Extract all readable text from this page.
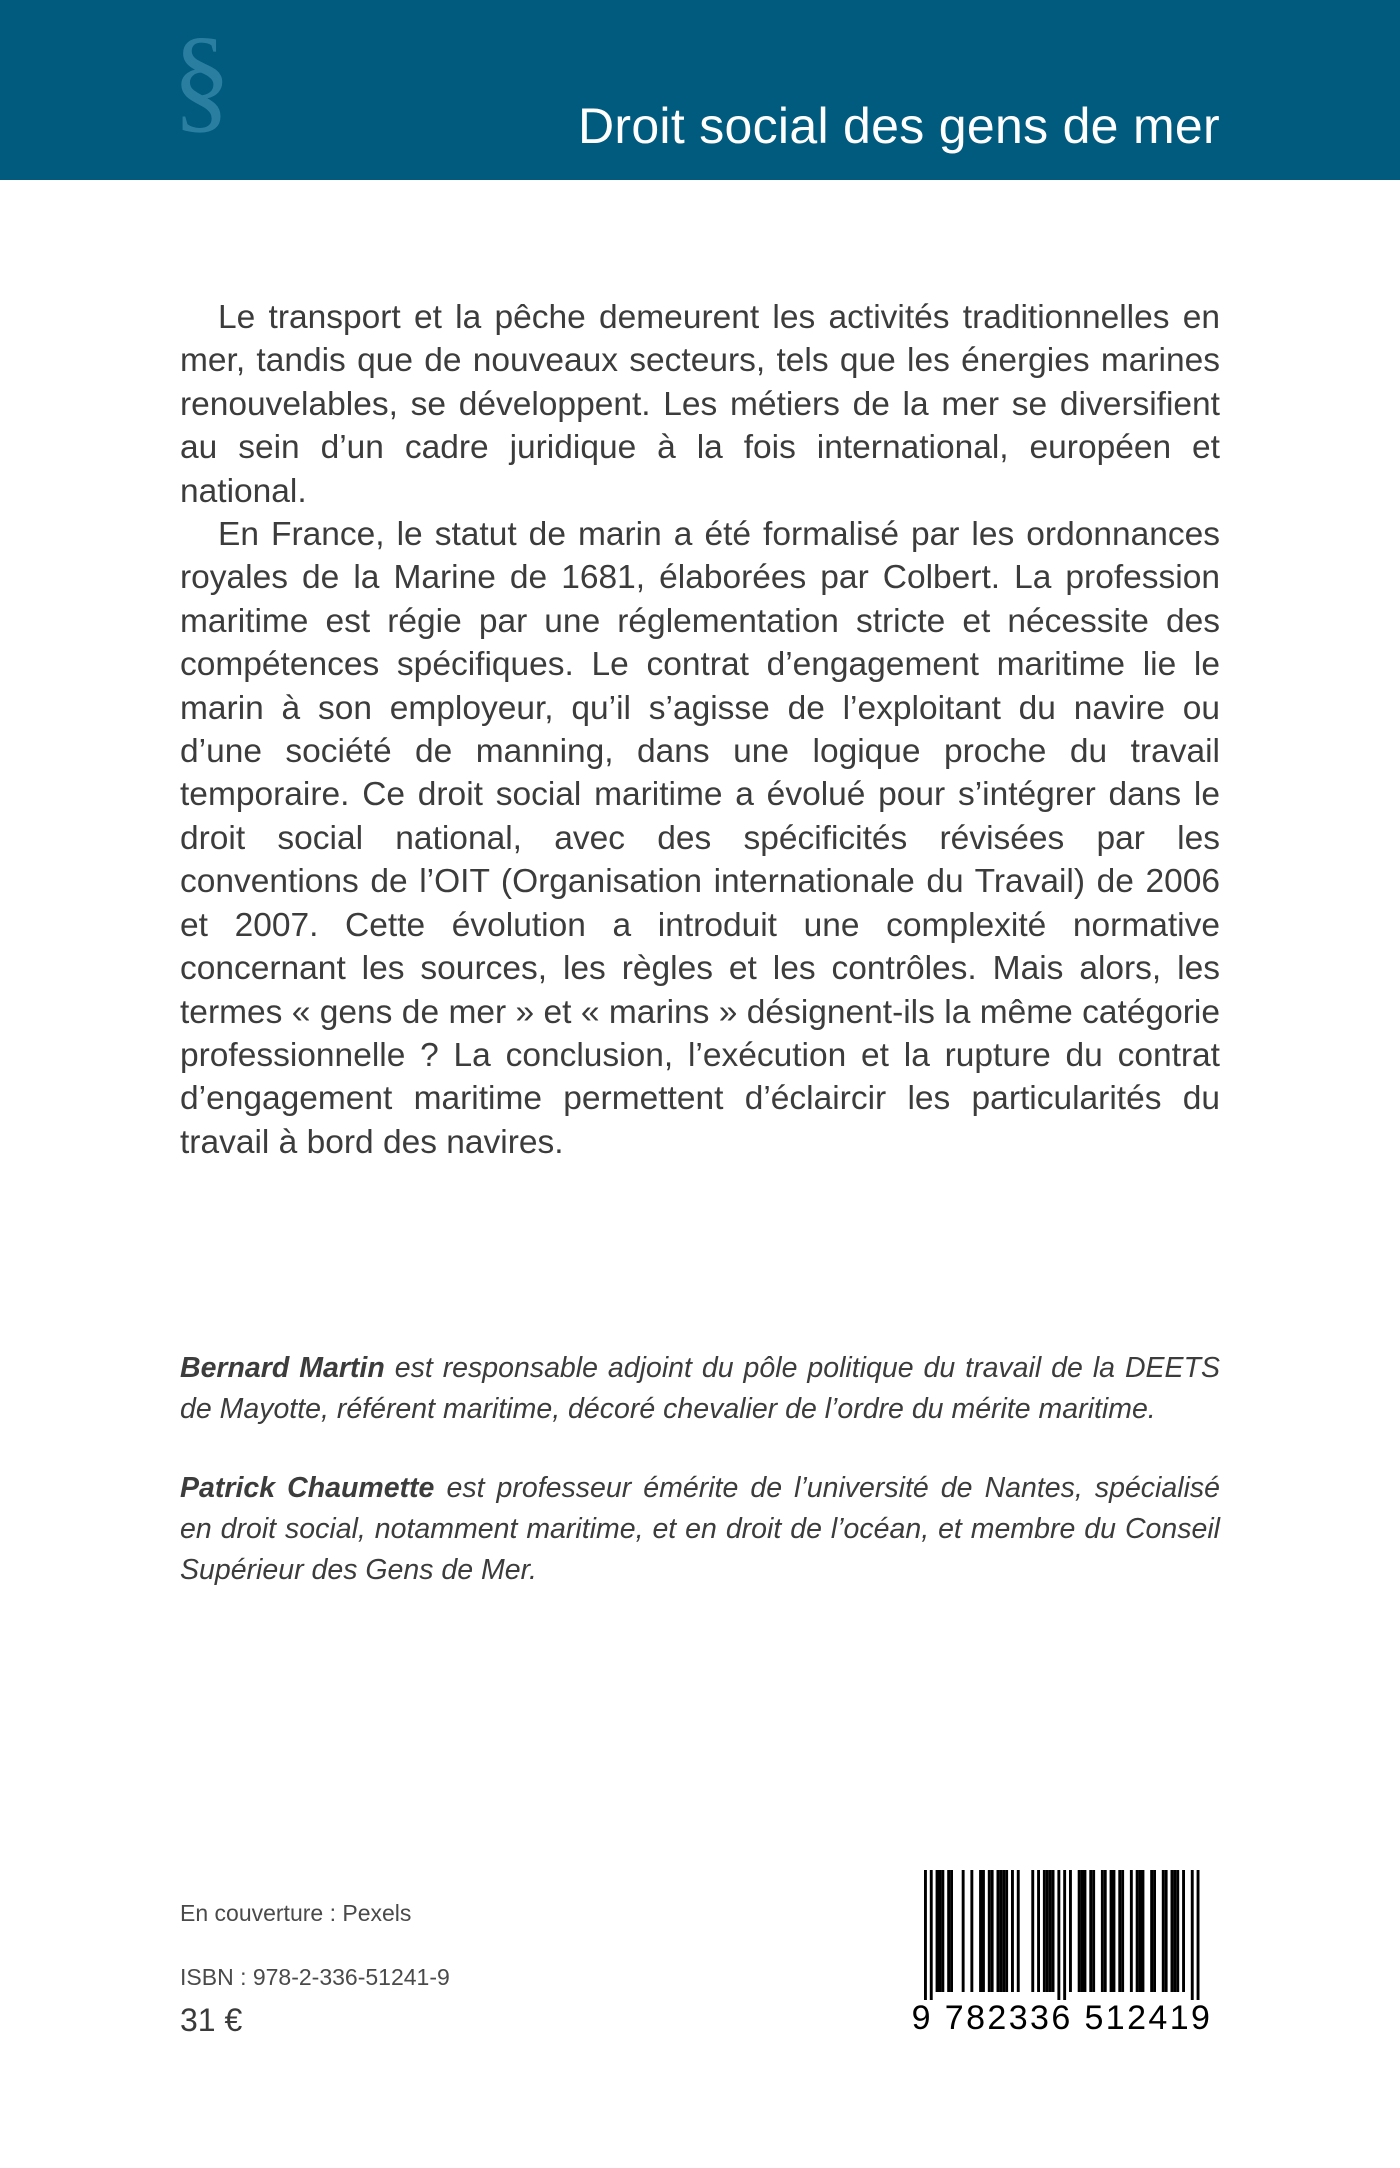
§	Droit social des gens de mer

Le transport et la pêche demeurent les activités traditionnelles en mer, tandis que de nouveaux secteurs, tels que les énergies marines renouvelables, se développent. Les métiers de la mer se diversifient au sein d’un cadre juridique à la fois international, européen et national.

En France, le statut de marin a été formalisé par les ordonnances royales de la Marine de 1681, élaborées par Colbert. La profession maritime est régie par une réglementation stricte et nécessite des compétences spécifiques. Le contrat d’engagement maritime lie le marin à son employeur, qu’il s’agisse de l’exploitant du navire ou d’une société de manning, dans une logique proche du travail temporaire. Ce droit social maritime a évolué pour s’intégrer dans le droit social national, avec des spécificités révisées par les conventions de l’OIT (Organisation internationale du Travail) de 2006 et 2007. Cette évolution a introduit une complexité normative concernant les sources, les règles et les contrôles. Mais alors, les termes « gens de mer » et « marins » désignent-ils la même catégorie professionnelle ? La conclusion, l’exécution et la rupture du contrat d’engagement maritime permettent d’éclaircir les particularités du travail à bord des navires.

Bernard Martin est responsable adjoint du pôle politique du travail de la DEETS de Mayotte, référent maritime, décoré chevalier de l’ordre du mérite maritime.

Patrick Chaumette est professeur émérite de l’université de Nantes, spécialisé en droit social, notamment maritime, et en droit de l’océan, et membre du Conseil Supérieur des Gens de Mer.

En couverture : Pexels
ISBN : 978-2-336-51241-9
31 €	9 782336 512419
